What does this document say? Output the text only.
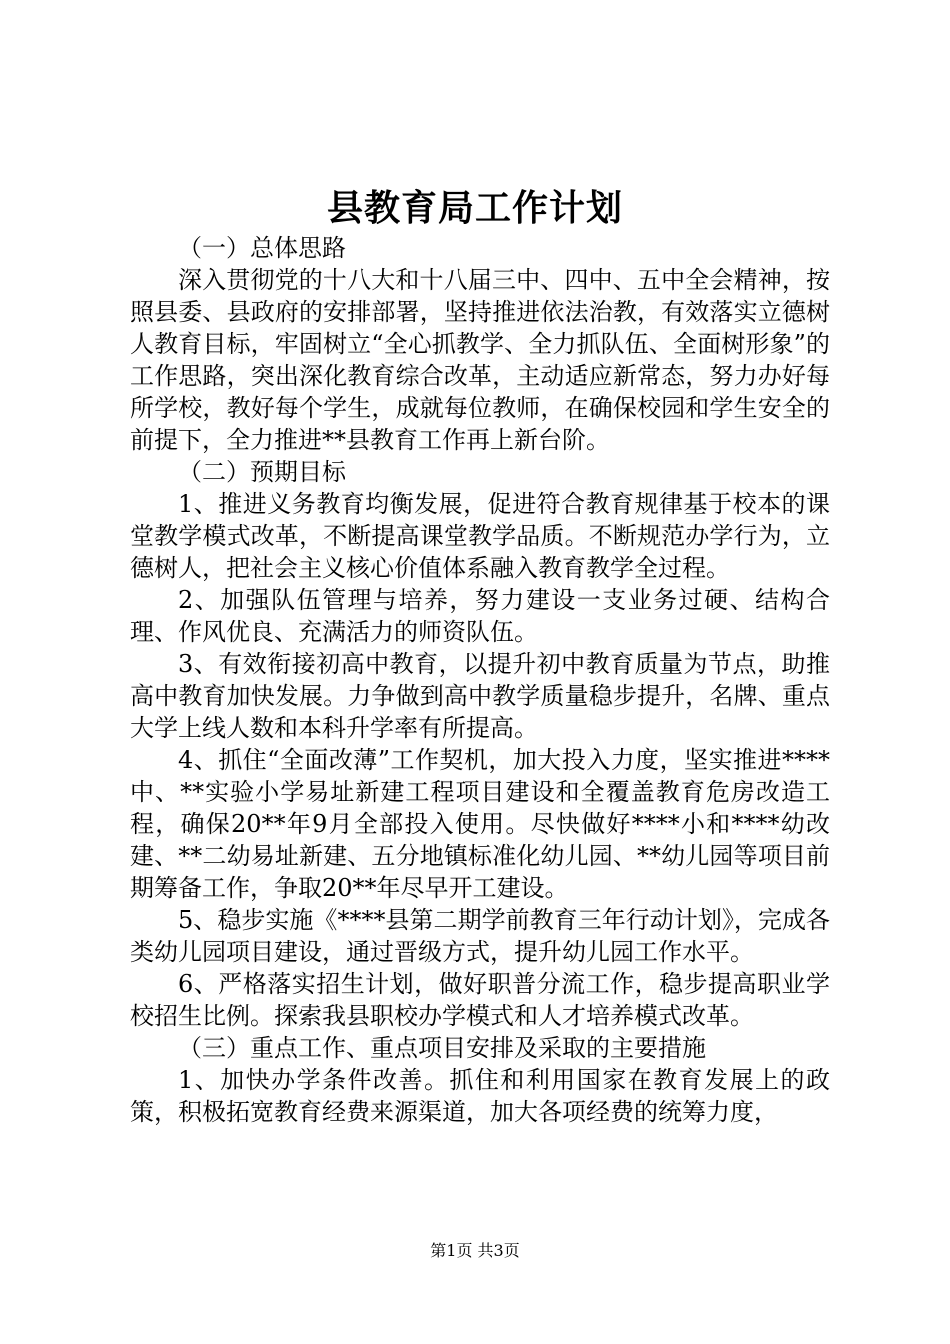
县教育局工作计划

（一）总体思路

深入贯彻党的十八大和十八届三中、四中、五中全会精神，按照县委、县政府的安排部署，坚持推进依法治教，有效落实立德树人教育目标，牢固树立“全心抓教学、全力抓队伍、全面树形象”的工作思路，突出深化教育综合改革，主动适应新常态，努力办好每所学校，教好每个学生，成就每位教师，在确保校园和学生安全的前提下，全力推进**县教育工作再上新台阶。

（二）预期目标

1、推进义务教育均衡发展，促进符合教育规律基于校本的课堂教学模式改革，不断提高课堂教学品质。不断规范办学行为，立德树人，把社会主义核心价值体系融入教育教学全过程。

2、加强队伍管理与培养，努力建设一支业务过硬、结构合理、作风优良、充满活力的师资队伍。

3、有效衔接初高中教育，以提升初中教育质量为节点，助推高中教育加快发展。力争做到高中教学质量稳步提升，名牌、重点大学上线人数和本科升学率有所提高。

4、抓住“全面改薄”工作契机，加大投入力度，坚实推进****中、**实验小学易址新建工程项目建设和全覆盖教育危房改造工程，确保20**年9月全部投入使用。尽快做好****小和****幼改建、**二幼易址新建、五分地镇标准化幼儿园、**幼儿园等项目前期筹备工作，争取20**年尽早开工建设。

5、稳步实施《****县第二期学前教育三年行动计划》，完成各类幼儿园项目建设，通过晋级方式，提升幼儿园工作水平。

6、严格落实招生计划，做好职普分流工作，稳步提高职业学校招生比例。探索我县职校办学模式和人才培养模式改革。

（三）重点工作、重点项目安排及采取的主要措施

1、加快办学条件改善。抓住和利用国家在教育发展上的政策，积极拓宽教育经费来源渠道，加大各项经费的统筹力度，

第1页 共3页
